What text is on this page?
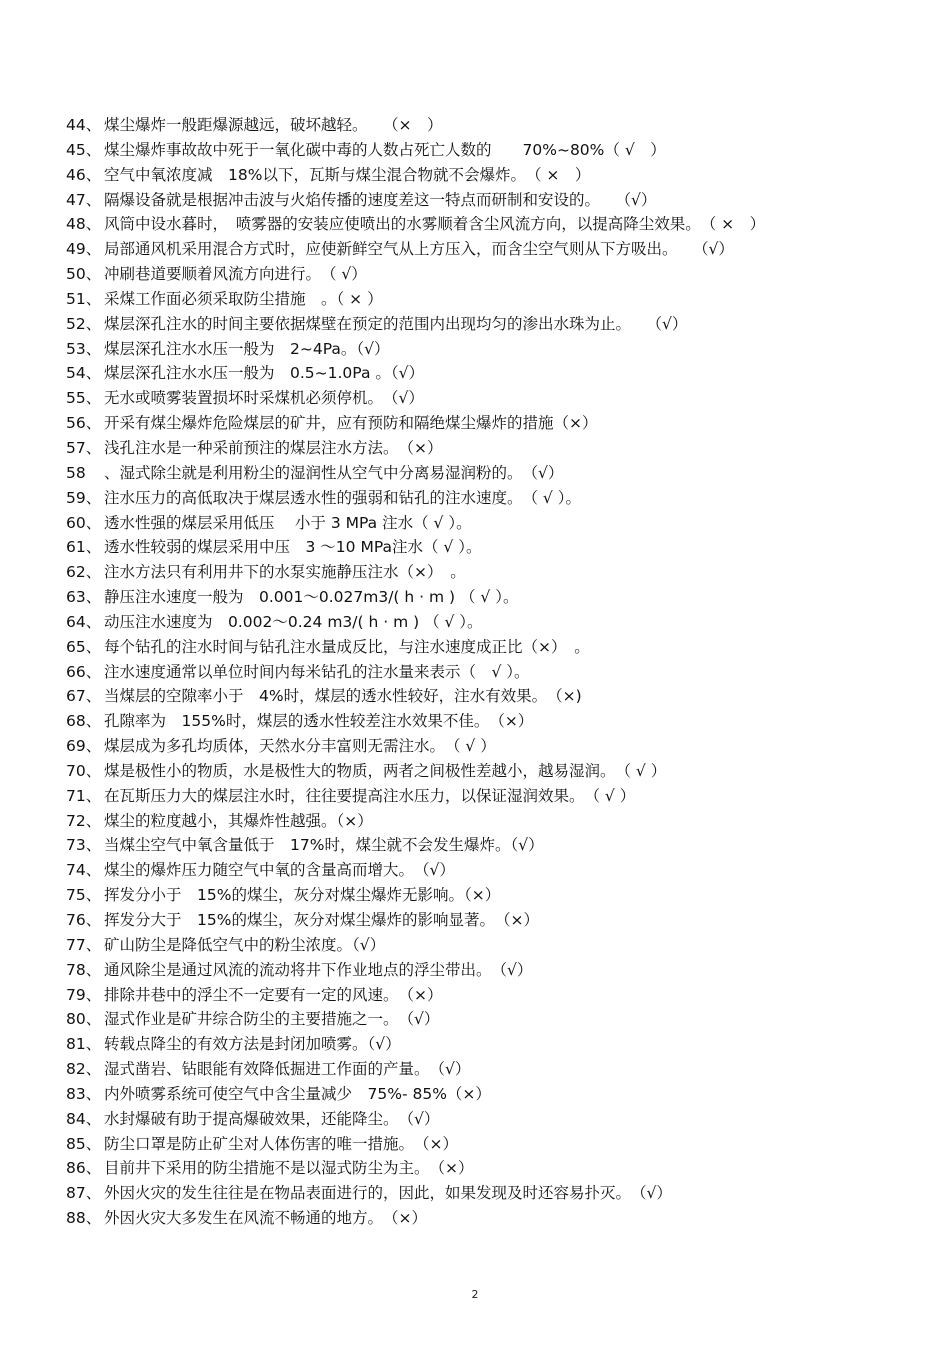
44、 煤尘爆炸一般距爆源越远，破坏越轻。　　（×　）
45、 煤尘爆炸事故故中死于一氧化碳中毒的人数占死亡人数的　　70%~80%（ √　）
46、 空气中氧浓度减　18%以下，瓦斯与煤尘混合物就不会爆炸。　（ ×　）
47、 隔爆设备就是根据冲击波与火焰传播的速度差这一特点而研制和安设的。　　（√）
48、 风筒中设水暮时，　喷雾器的安装应使喷出的水雾顺着含尘风流方向，以提高降尘效果。　（ ×　）
49、 局部通风机采用混合方式时，应使新鲜空气从上方压入，而含尘空气则从下方吸出。　　（√）
50、 冲刷巷道要顺着风流方向进行。　（ √）
51、 采煤工作面必须采取防尘措施　。（ × ）
52、 煤层深孔注水的时间主要依据煤壁在预定的范围内出现均匀的渗出水珠为止。　　（√）
53、 煤层深孔注水水压一般为　2~4Pa。（√）
54、 煤层深孔注水水压一般为　0.5~1.0Pa 。（√）
55、 无水或喷雾装置损坏时采煤机必须停机。　（√）
56、 开采有煤尘爆炸危险煤层的矿井，应有预防和隔绝煤尘爆炸的措施（×）
57、 浅孔注水是一种采前预注的煤层注水方法。　（×）
58 、湿式除尘就是利用粉尘的湿润性从空气中分离易湿润粉的。　（√）
59、 注水压力的高低取决于煤层透水性的强弱和钻孔的注水速度。　（ √ ）。
60、 透水性强的煤层采用低压　 小于 3 MPa 注水（ √ ）。
61、 透水性较弱的煤层采用中压　3 ～10 MPa注水（ √ ）。
62、 注水方法只有利用井下的水泵实施静压注水（×）　。
63、 静压注水速度一般为　0.001～0.027m3/( h · m ) （ √ ）。
64、 动压注水速度为　0.002～0.24 m3/( h · m ) （ √ ）。
65、 每个钻孔的注水时间与钻孔注水量成反比，与注水速度成正比（×）　。
66、 注水速度通常以单位时间内每米钻孔的注水量来表示（　√ ）。
67、 当煤层的空隙率小于　4%时，煤层的透水性较好，注水有效果。　（×)
68、 孔隙率为　155%时，煤层的透水性较差注水效果不佳。　（×）
69、 煤层成为多孔均质体，天然水分丰富则无需注水。　（ √ ）
70、 煤是极性小的物质，水是极性大的物质，两者之间极性差越小，越易湿润。　（ √ ）
71、 在瓦斯压力大的煤层注水时，往往要提高注水压力，以保证湿润效果。　（ √ ）
72、 煤尘的粒度越小，其爆炸性越强。（×）
73、 当煤尘空气中氧含量低于　17%时，煤尘就不会发生爆炸。（√）
74、 煤尘的爆炸压力随空气中氧的含量高而增大。　（√）
75、 挥发分小于　15%的煤尘，灰分对煤尘爆炸无影响。（×）
76、 挥发分大于　15%的煤尘，灰分对煤尘爆炸的影响显著。　（×）
77、 矿山防尘是降低空气中的粉尘浓度。（√）
78、 通风除尘是通过风流的流动将井下作业地点的浮尘带出。　（√）
79、 排除井巷中的浮尘不一定要有一定的风速。　（×）
80、 湿式作业是矿井综合防尘的主要措施之一。　（√）
81、 转载点降尘的有效方法是封闭加喷雾。（√）
82、 湿式凿岩、钻眼能有效降低掘进工作面的产量。　（√）
83、 内外喷雾系统可使空气中含尘量减少　75%- 85%（×）
84、 水封爆破有助于提高爆破效果，还能降尘。　（√）
85、 防尘口罩是防止矿尘对人体伤害的唯一措施。　（×）
86、 目前井下采用的防尘措施不是以湿式防尘为主。　（×）
87、 外因火灾的发生往往是在物品表面进行的，因此，如果发现及时还容易扑灭。　（√）
88、 外因火灾大多发生在风流不畅通的地方。　（×）
2
